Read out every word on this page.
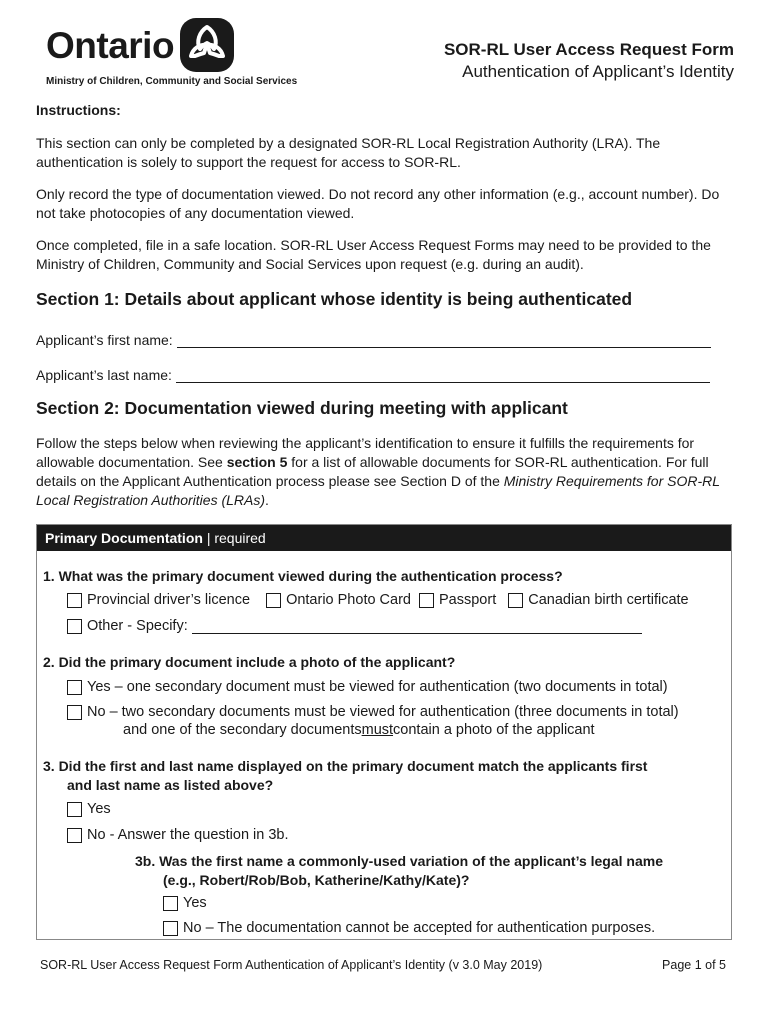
Ontario
Ministry of Children, Community and Social Services
SOR-RL User Access Request Form
Authentication of Applicant’s Identity
Instructions:
This section can only be completed by a designated SOR-RL Local Registration Authority (LRA). The authentication is solely to support the request for access to SOR-RL.
Only record the type of documentation viewed. Do not record any other information (e.g., account number). Do not take photocopies of any documentation viewed.
Once completed, file in a safe location. SOR-RL User Access Request Forms may need to be provided to the Ministry of Children, Community and Social Services upon request (e.g. during an audit).
Section 1: Details about applicant whose identity is being authenticated
Applicant’s first name:
Applicant’s last name:
Section 2: Documentation viewed during meeting with applicant
Follow the steps below when reviewing the applicant’s identification to ensure it fulfills the requirements for allowable documentation. See section 5 for a list of allowable documents for SOR-RL authentication. For full details on the Applicant Authentication process please see Section D of the Ministry Requirements for SOR-RL Local Registration Authorities (LRAs).
Primary Documentation | required
1. What was the primary document viewed during the authentication process?
Provincial driver’s licence Ontario Photo Card Passport Canadian birth certificate
Other - Specify:
2. Did the primary document include a photo of the applicant?
Yes – one secondary document must be viewed for authentication (two documents in total)
No – two secondary documents must be viewed for authentication (three documents in total)
and one of the secondary documents must contain a photo of the applicant
3. Did the first and last name displayed on the primary document match the applicants first
and last name as listed above?
Yes
No - Answer the question in 3b.
3b. Was the first name a commonly-used variation of the applicant’s legal name
(e.g., Robert/Rob/Bob, Katherine/Kathy/Kate)?
Yes
No – The documentation cannot be accepted for authentication purposes.
SOR-RL User Access Request Form Authentication of Applicant’s Identity (v 3.0 May 2019)	Page 1 of 5
